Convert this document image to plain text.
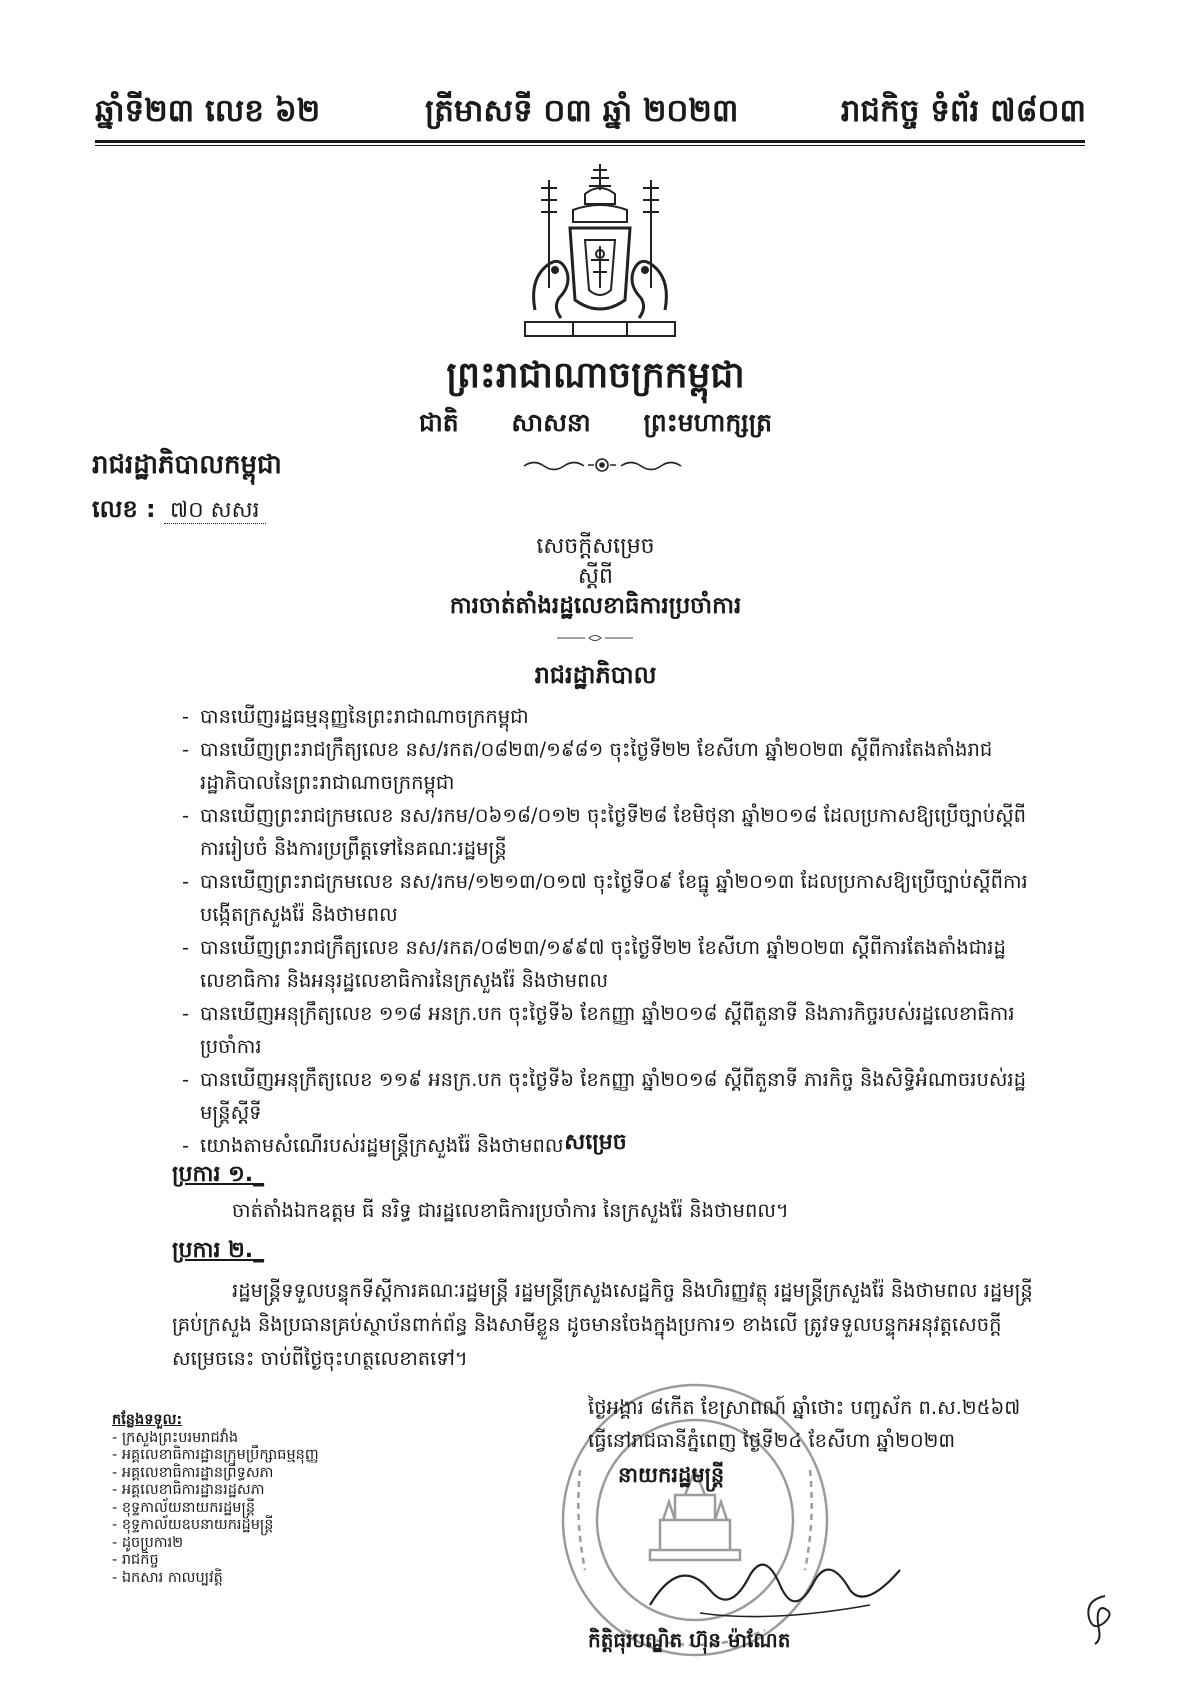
ឆ្នាំទី២៣ លេខ ៦២	ត្រីមាសទី ០៣ ឆ្នាំ ២០២៣	រាជកិច្ច ទំព័រ ៧៨០៣
ព្រះរាជាណាចក្រកម្ពុជា
ជាតិ សាសនា ព្រះមហាក្សត្រ
រាជរដ្ឋាភិបាលកម្ពុជា
លេខ : ៧០ សសរ
សេចក្តីសម្រេច
ស្តីពី
ការចាត់តាំងរដ្ឋលេខាធិការប្រចាំការ
រាជរដ្ឋាភិបាល
- បានឃើញរដ្ឋធម្មនុញ្ញនៃព្រះរាជាណាចក្រកម្ពុជា
- បានឃើញព្រះរាជក្រឹត្យលេខ នស/រកត/០៨២៣/១៩៨១ ចុះថ្ងៃទី២២ ខែសីហា ឆ្នាំ២០២៣ ស្តីពីការតែងតាំងរាជរដ្ឋាភិបាលនៃព្រះរាជាណាចក្រកម្ពុជា
- បានឃើញព្រះរាជក្រមលេខ នស/រកម/០៦១៨/០១២ ចុះថ្ងៃទី២៨ ខែមិថុនា ឆ្នាំ២០១៨ ដែលប្រកាសឱ្យប្រើច្បាប់ស្តីពីការរៀបចំ និងការប្រព្រឹត្តទៅនៃគណៈរដ្ឋមន្ត្រី
- បានឃើញព្រះរាជក្រមលេខ នស/រកម/១២១៣/០១៧ ចុះថ្ងៃទី០៩ ខែធ្នូ ឆ្នាំ២០១៣ ដែលប្រកាសឱ្យប្រើច្បាប់ស្តីពីការបង្កើតក្រសួងរ៉ែ និងថាមពល
- បានឃើញព្រះរាជក្រឹត្យលេខ នស/រកត/០៨២៣/១៩៩៧ ចុះថ្ងៃទី២២ ខែសីហា ឆ្នាំ២០២៣ ស្តីពីការតែងតាំងជារដ្ឋលេខាធិការ និងអនុរដ្ឋលេខាធិការនៃក្រសួងរ៉ែ និងថាមពល
- បានឃើញអនុក្រឹត្យលេខ ១១៨ អនក្រ.បក ចុះថ្ងៃទី៦ ខែកញ្ញា ឆ្នាំ២០១៨ ស្តីពីតួនាទី និងភារកិច្ចរបស់រដ្ឋលេខាធិការប្រចាំការ
- បានឃើញអនុក្រឹត្យលេខ ១១៩ អនក្រ.បក ចុះថ្ងៃទី៦ ខែកញ្ញា ឆ្នាំ២០១៨ ស្តីពីតួនាទី ភារកិច្ច និងសិទ្ធិអំណាចរបស់រដ្ឋមន្ត្រីស្តីទី
- យោងតាមសំណើរបស់រដ្ឋមន្ត្រីក្រសួងរ៉ែ និងថាមពល សម្រេច
ប្រការ ១._
ចាត់តាំងឯកឧត្តម ធី នរិទ្ធ ជារដ្ឋលេខាធិការប្រចាំការ នៃក្រសួងរ៉ែ និងថាមពល។
ប្រការ ២._
រដ្ឋមន្ត្រីទទួលបន្ទុកទីស្តីការគណៈរដ្ឋមន្ត្រី រដ្ឋមន្ត្រីក្រសួងសេដ្ឋកិច្ច និងហិរញ្ញវត្ថុ រដ្ឋមន្ត្រីក្រសួងរ៉ែ និងថាមពល រដ្ឋមន្ត្រីគ្រប់ក្រសួង និងប្រធានគ្រប់ស្ថាប័នពាក់ព័ន្ធ និងសាមីខ្លួន ដូចមានចែងក្នុងប្រការ១ ខាងលើ ត្រូវទទួលបន្ទុកអនុវត្តសេចក្តីសម្រេចនេះ ចាប់ពីថ្ងៃចុះហត្ថលេខាតទៅ។
ថ្ងៃអង្គារ ៨កើត ខែស្រាពណ៍ ឆ្នាំថោះ បញ្ចស័ក ព.ស.២៥៦៧
ធ្វើនៅរាជធានីភ្នំពេញ ថ្ងៃទី២៤ ខែសីហា ឆ្នាំ២០២៣
នាយករដ្ឋមន្ត្រី
កិត្តិធុរបណ្ឌិត ហ៊ុន ម៉ាណែត
កន្លែងទទួល:
- ក្រសួងព្រះបរមរាជវាំង
- អគ្គលេខាធិការដ្ឋានក្រុមប្រឹក្សាធម្មនុញ្ញ
- អគ្គលេខាធិការដ្ឋានព្រឹទ្ធសភា
- អគ្គលេខាធិការដ្ឋានរដ្ឋសភា
- ខុទ្ទកាល័យនាយករដ្ឋមន្ត្រី
- ខុទ្ទកាល័យឧបនាយករដ្ឋមន្ត្រី
- ដូចប្រការ២
- រាជកិច្ច
- ឯកសារ កាលប្បវត្តិ
